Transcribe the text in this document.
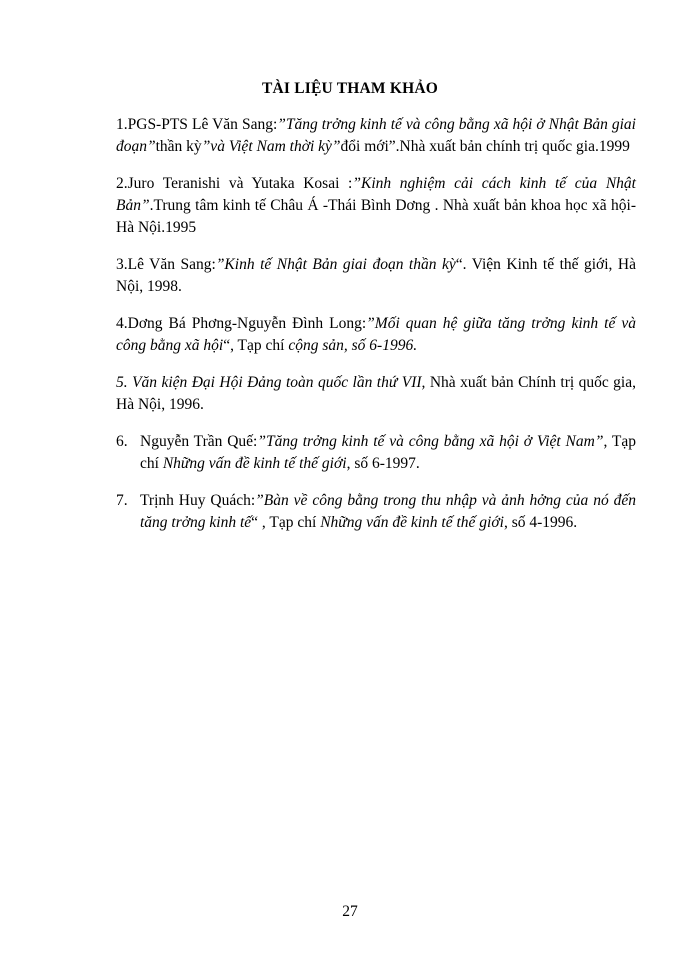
TÀI LIỆU THAM KHẢO

1.PGS-PTS Lê Văn Sang:”Tăng trởng kinh tế và công bằng xã hội ở Nhật Bản giai đoạn”thần kỳ”và Việt Nam thời kỳ”đổi mới”.Nhà xuất bản chính trị quốc gia.1999

2.Juro Teranishi và Yutaka Kosai :”Kinh nghiệm cải cách kinh tế của Nhật Bản”.Trung tâm kinh tế Châu Á -Thái Bình Dơng . Nhà xuất bản khoa học xã hội-Hà Nội.1995

3.Lê Văn Sang:”Kinh tế Nhật Bản giai đoạn thần kỳ“. Viện Kinh tế thế giới, Hà Nội, 1998.

4.Dơng Bá Phơng-Nguyễn Đình Long:”Mối quan hệ giữa tăng trởng kinh tế và công bằng xã hội“, Tạp chí cộng sản, số 6-1996.

5. Văn kiện Đại Hội Đảng toàn quốc lần thứ VII, Nhà xuất bản Chính trị quốc gia, Hà Nội, 1996.

6. Nguyễn Trần Quế:”Tăng trởng kinh tế và công bằng xã hội ở Việt Nam”, Tạp chí Những vấn đề kinh tế thế giới, số 6-1997.

7. Trịnh Huy Quách:”Bàn về công bằng trong thu nhập và ảnh hởng của nó đến tăng trởng kinh tế“ , Tạp chí Những vấn đề kinh tế thế giới, số 4-1996.

27
